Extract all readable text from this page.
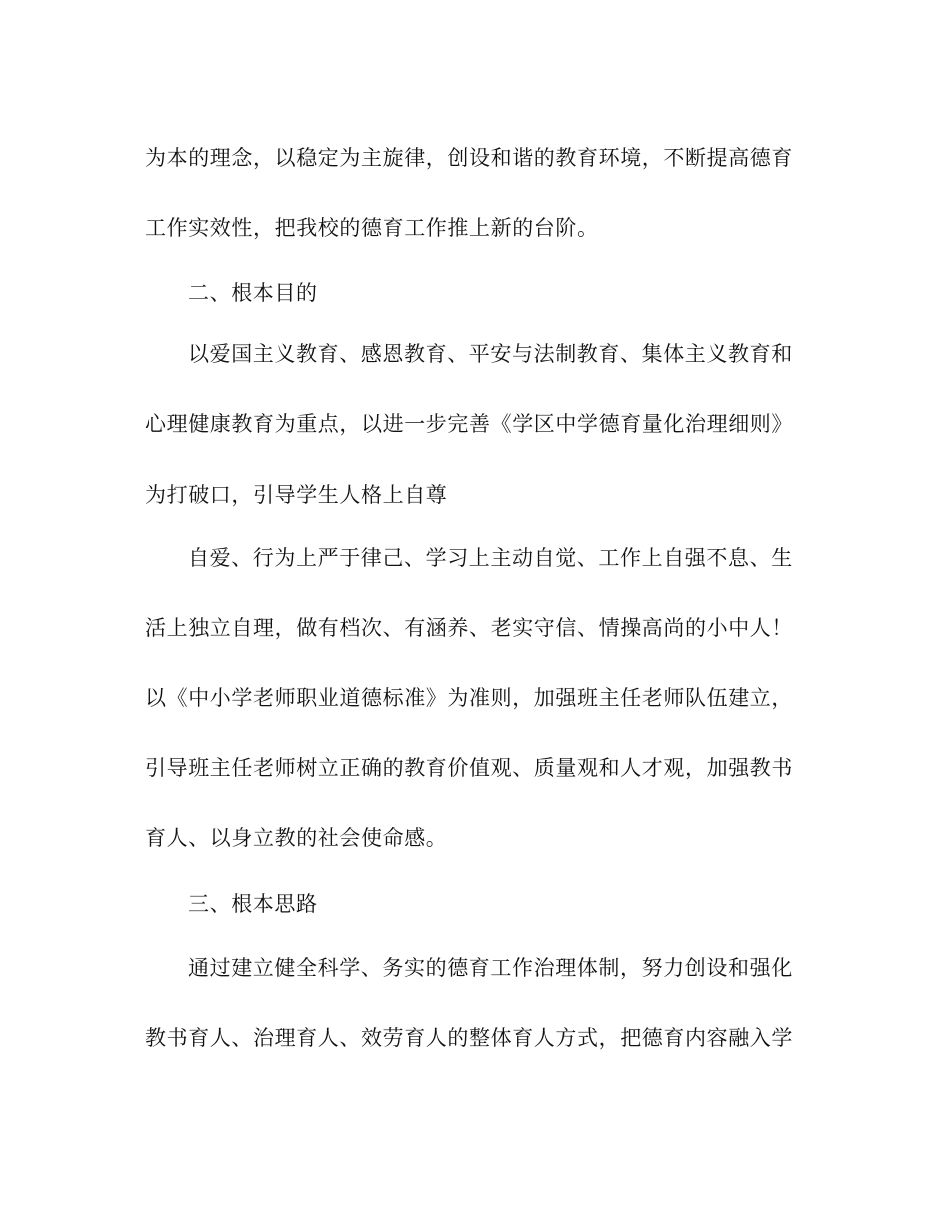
为本的理念，以稳定为主旋律，创设和谐的教育环境，不断提高德育
工作实效性，把我校的德育工作推上新的台阶。
二、根本目的
以爱国主义教育、感恩教育、平安与法制教育、集体主义教育和
心理健康教育为重点，以进一步完善《学区中学德育量化治理细则》
为打破口，引导学生人格上自尊
自爱、行为上严于律己、学习上主动自觉、工作上自强不息、生
活上独立自理，做有档次、有涵养、老实守信、情操高尚的小中人！
以《中小学老师职业道德标准》为准则，加强班主任老师队伍建立，
引导班主任老师树立正确的教育价值观、质量观和人才观，加强教书
育人、以身立教的社会使命感。
三、根本思路
通过建立健全科学、务实的德育工作治理体制，努力创设和强化
教书育人、治理育人、效劳育人的整体育人方式，把德育内容融入学
